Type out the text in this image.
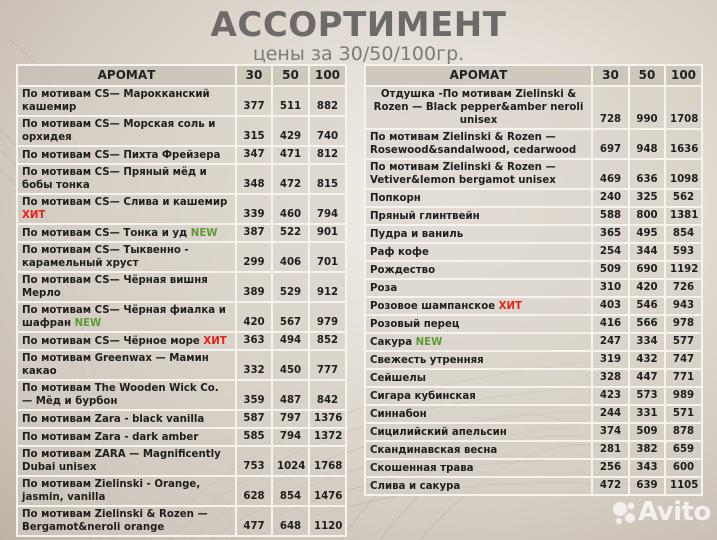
АССОРТИМЕНТ
цены за 30/50/100гр.
АРОМАТ	30	50	100
По мотивам CS— Марокканский кашемир	377	511	882
По мотивам CS— Морская соль и орхидея	315	429	740
По мотивам CS— Пихта Фрейзера	347	471	812
По мотивам CS— Пряный мёд и бобы тонка	348	472	815
По мотивам CS— Слива и кашемир ХИТ	339	460	794
По мотивам CS— Тонка и уд NEW	387	522	901
По мотивам CS— Тыквенно - карамельный хруст	299	406	701
По мотивам CS— Чёрная вишня Мерло	389	529	912
По мотивам CS— Чёрная фиалка и шафран NEW	420	567	979
По мотивам CS— Чёрное море ХИТ	363	494	852
По мотивам Greenwax — Мамин какао	332	450	777
По мотивам The Wooden Wick Co. — Мёд и бурбон	359	487	842
По мотивам Zara - black vanilla	587	797	1376
По мотивам Zara - dark amber	585	794	1372
По мотивам ZARA — Magnificently Dubai unisex	753	1024	1768
По мотивам Zielinski - Orange, jasmin, vanilla	628	854	1476
По мотивам Zielinski & Rozen — Bergamot&neroli orange	477	648	1120
АРОМАТ	30	50	100
Отдушка -По мотивам Zielinski & Rozen — Black pepper&amber neroli unisex	728	990	1708
По мотивам Zielinski & Rozen — Rosewood&sandalwood, cedarwood	697	948	1636
По мотивам Zielinski & Rozen — Vetiver&lemon bergamot unisex	469	636	1098
Попкорн	240	325	562
Пряный глинтвейн	588	800	1381
Пудра и ваниль	365	495	854
Раф кофе	254	344	593
Рождество	509	690	1192
Роза	310	420	726
Розовое шампанское ХИТ	403	546	943
Розовый перец	416	566	978
Сакура NEW	247	334	577
Свежесть утренняя	319	432	747
Сейшелы	328	447	771
Сигара кубинская	423	573	989
Синнабон	244	331	571
Сицилийский апельсин	374	509	878
Скандинавская весна	281	382	659
Скошенная трава	256	343	600
Слива и сакура	472	639	1105
Avito
